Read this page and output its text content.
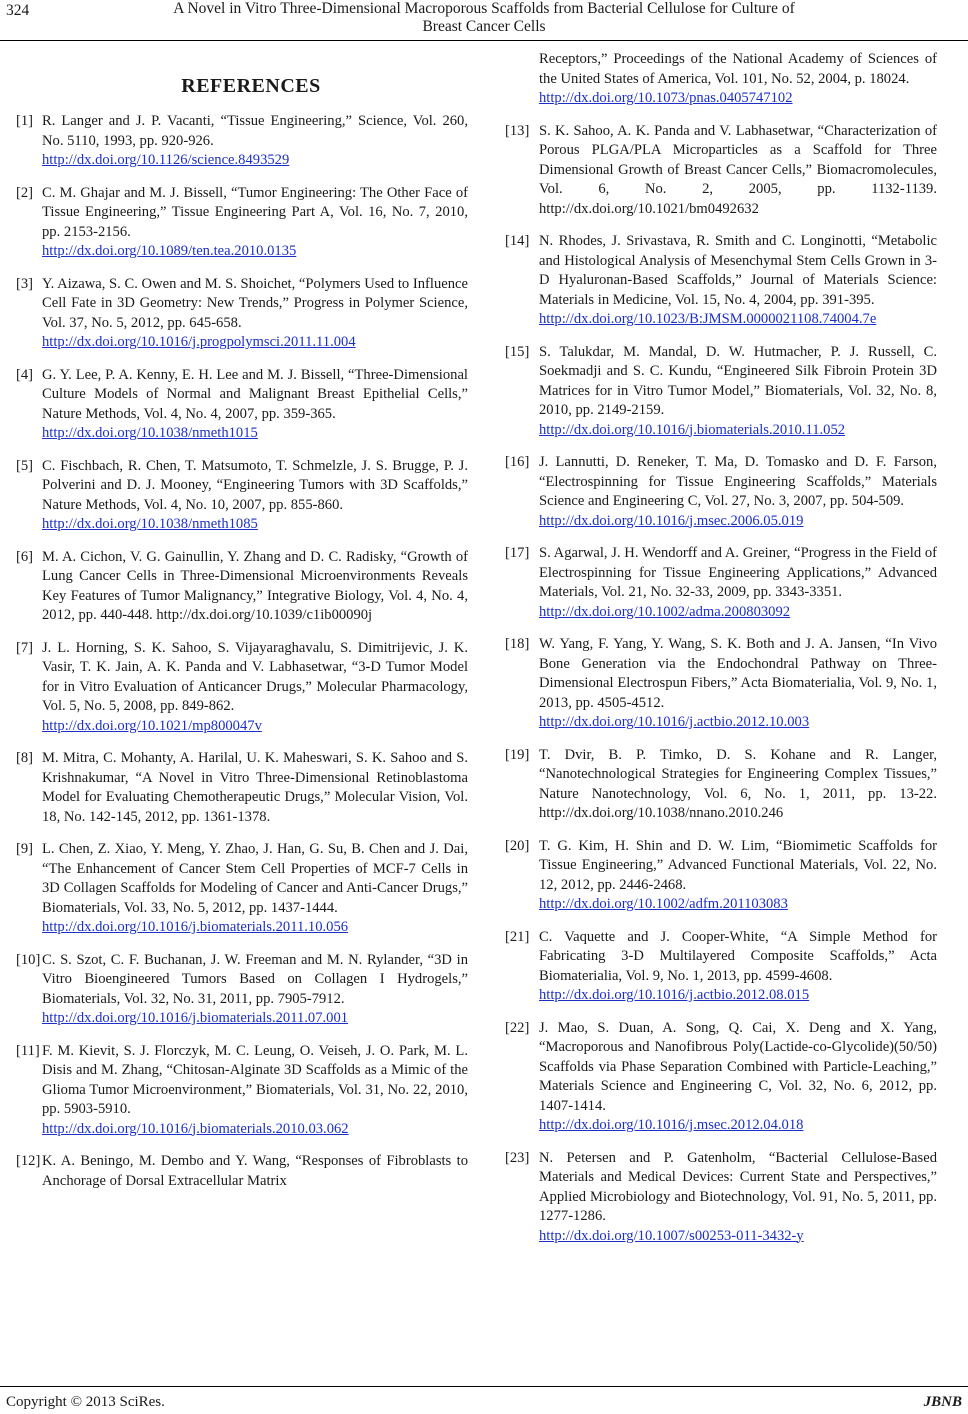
324	A Novel in Vitro Three-Dimensional Macroporous Scaffolds from Bacterial Cellulose for Culture of
Breast Cancer Cells
REFERENCES
[1] R. Langer and J. P. Vacanti, “Tissue Engineering,” Science, Vol. 260, No. 5110, 1993, pp. 920-926.
http://dx.doi.org/10.1126/science.8493529
[2] C. M. Ghajar and M. J. Bissell, “Tumor Engineering: The Other Face of Tissue Engineering,” Tissue Engineering Part A, Vol. 16, No. 7, 2010, pp. 2153-2156.
http://dx.doi.org/10.1089/ten.tea.2010.0135
[3] Y. Aizawa, S. C. Owen and M. S. Shoichet, “Polymers Used to Influence Cell Fate in 3D Geometry: New Trends,” Progress in Polymer Science, Vol. 37, No. 5, 2012, pp. 645-658.
http://dx.doi.org/10.1016/j.progpolymsci.2011.11.004
[4] G. Y. Lee, P. A. Kenny, E. H. Lee and M. J. Bissell, “Three-Dimensional Culture Models of Normal and Malignant Breast Epithelial Cells,” Nature Methods, Vol. 4, No. 4, 2007, pp. 359-365.
http://dx.doi.org/10.1038/nmeth1015
[5] C. Fischbach, R. Chen, T. Matsumoto, T. Schmelzle, J. S. Brugge, P. J. Polverini and D. J. Mooney, “Engineering Tumors with 3D Scaffolds,” Nature Methods, Vol. 4, No. 10, 2007, pp. 855-860.
http://dx.doi.org/10.1038/nmeth1085
[6] M. A. Cichon, V. G. Gainullin, Y. Zhang and D. C. Radisky, “Growth of Lung Cancer Cells in Three-Dimensional Microenvironments Reveals Key Features of Tumor Malignancy,” Integrative Biology, Vol. 4, No. 4, 2012, pp. 440-448. http://dx.doi.org/10.1039/c1ib00090j
[7] J. L. Horning, S. K. Sahoo, S. Vijayaraghavalu, S. Dimitrijevic, J. K. Vasir, T. K. Jain, A. K. Panda and V. Labhasetwar, “3-D Tumor Model for in Vitro Evaluation of Anticancer Drugs,” Molecular Pharmacology, Vol. 5, No. 5, 2008, pp. 849-862.
http://dx.doi.org/10.1021/mp800047v
[8] M. Mitra, C. Mohanty, A. Harilal, U. K. Maheswari, S. K. Sahoo and S. Krishnakumar, “A Novel in Vitro Three-Dimensional Retinoblastoma Model for Evaluating Chemotherapeutic Drugs,” Molecular Vision, Vol. 18, No. 142-145, 2012, pp. 1361-1378.
[9] L. Chen, Z. Xiao, Y. Meng, Y. Zhao, J. Han, G. Su, B. Chen and J. Dai, “The Enhancement of Cancer Stem Cell Properties of MCF-7 Cells in 3D Collagen Scaffolds for Modeling of Cancer and Anti-Cancer Drugs,” Biomaterials, Vol. 33, No. 5, 2012, pp. 1437-1444.
http://dx.doi.org/10.1016/j.biomaterials.2011.10.056
[10] C. S. Szot, C. F. Buchanan, J. W. Freeman and M. N. Rylander, “3D in Vitro Bioengineered Tumors Based on Collagen I Hydrogels,” Biomaterials, Vol. 32, No. 31, 2011, pp. 7905-7912.
http://dx.doi.org/10.1016/j.biomaterials.2011.07.001
[11] F. M. Kievit, S. J. Florczyk, M. C. Leung, O. Veiseh, J. O. Park, M. L. Disis and M. Zhang, “Chitosan-Alginate 3D Scaffolds as a Mimic of the Glioma Tumor Microenvironment,” Biomaterials, Vol. 31, No. 22, 2010, pp. 5903-5910.
http://dx.doi.org/10.1016/j.biomaterials.2010.03.062
[12] K. A. Beningo, M. Dembo and Y. Wang, “Responses of Fibroblasts to Anchorage of Dorsal Extracellular Matrix
Receptors,” Proceedings of the National Academy of Sciences of the United States of America, Vol. 101, No. 52, 2004, p. 18024.
http://dx.doi.org/10.1073/pnas.0405747102
[13] S. K. Sahoo, A. K. Panda and V. Labhasetwar, “Characterization of Porous PLGA/PLA Microparticles as a Scaffold for Three Dimensional Growth of Breast Cancer Cells,” Biomacromolecules, Vol. 6, No. 2, 2005, pp. 1132-1139. http://dx.doi.org/10.1021/bm0492632
[14] N. Rhodes, J. Srivastava, R. Smith and C. Longinotti, “Metabolic and Histological Analysis of Mesenchymal Stem Cells Grown in 3-D Hyaluronan-Based Scaffolds,” Journal of Materials Science: Materials in Medicine, Vol. 15, No. 4, 2004, pp. 391-395.
http://dx.doi.org/10.1023/B:JMSM.0000021108.74004.7e
[15] S. Talukdar, M. Mandal, D. W. Hutmacher, P. J. Russell, C. Soekmadji and S. C. Kundu, “Engineered Silk Fibroin Protein 3D Matrices for in Vitro Tumor Model,” Biomaterials, Vol. 32, No. 8, 2010, pp. 2149-2159.
http://dx.doi.org/10.1016/j.biomaterials.2010.11.052
[16] J. Lannutti, D. Reneker, T. Ma, D. Tomasko and D. F. Farson, “Electrospinning for Tissue Engineering Scaffolds,” Materials Science and Engineering C, Vol. 27, No. 3, 2007, pp. 504-509.
http://dx.doi.org/10.1016/j.msec.2006.05.019
[17] S. Agarwal, J. H. Wendorff and A. Greiner, “Progress in the Field of Electrospinning for Tissue Engineering Applications,” Advanced Materials, Vol. 21, No. 32-33, 2009, pp. 3343-3351.
http://dx.doi.org/10.1002/adma.200803092
[18] W. Yang, F. Yang, Y. Wang, S. K. Both and J. A. Jansen, “In Vivo Bone Generation via the Endochondral Pathway on Three-Dimensional Electrospun Fibers,” Acta Biomaterialia, Vol. 9, No. 1, 2013, pp. 4505-4512.
http://dx.doi.org/10.1016/j.actbio.2012.10.003
[19] T. Dvir, B. P. Timko, D. S. Kohane and R. Langer, “Nanotechnological Strategies for Engineering Complex Tissues,” Nature Nanotechnology, Vol. 6, No. 1, 2011, pp. 13-22. http://dx.doi.org/10.1038/nnano.2010.246
[20] T. G. Kim, H. Shin and D. W. Lim, “Biomimetic Scaffolds for Tissue Engineering,” Advanced Functional Materials, Vol. 22, No. 12, 2012, pp. 2446-2468.
http://dx.doi.org/10.1002/adfm.201103083
[21] C. Vaquette and J. Cooper-White, “A Simple Method for Fabricating 3-D Multilayered Composite Scaffolds,” Acta Biomaterialia, Vol. 9, No. 1, 2013, pp. 4599-4608.
http://dx.doi.org/10.1016/j.actbio.2012.08.015
[22] J. Mao, S. Duan, A. Song, Q. Cai, X. Deng and X. Yang, “Macroporous and Nanofibrous Poly(Lactide-co-Glycolide)(50/50) Scaffolds via Phase Separation Combined with Particle-Leaching,” Materials Science and Engineering C, Vol. 32, No. 6, 2012, pp. 1407-1414.
http://dx.doi.org/10.1016/j.msec.2012.04.018
[23] N. Petersen and P. Gatenholm, “Bacterial Cellulose-Based Materials and Medical Devices: Current State and Perspectives,” Applied Microbiology and Biotechnology, Vol. 91, No. 5, 2011, pp. 1277-1286.
http://dx.doi.org/10.1007/s00253-011-3432-y
Copyright © 2013 SciRes.	JBNB
